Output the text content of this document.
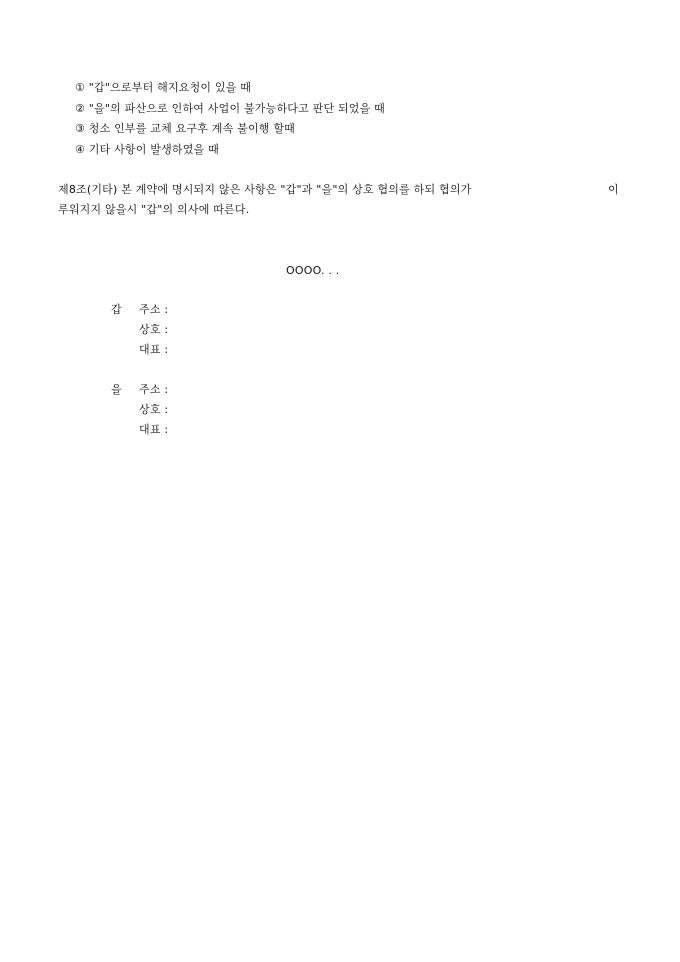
① "갑"으로부터 해지요청이 있을 때
② "을"의 파산으로 인하여 사업이 불가능하다고 판단 되었을 때
③ 청소 인부를 교체 요구후 계속 불이행 할때
④ 기타 사항이 발생하였을 때
제8조(기타) 본 계약에 명시되지 않은 사항은 "갑"과 "을"의 상호 협의를 하되 협의가	이
루워지지 않을시 "갑"의 의사에 따른다.
OOOO. . .
갑 주소 :
상호 :
대표 :
을 주소 :
상호 :
대표 :
